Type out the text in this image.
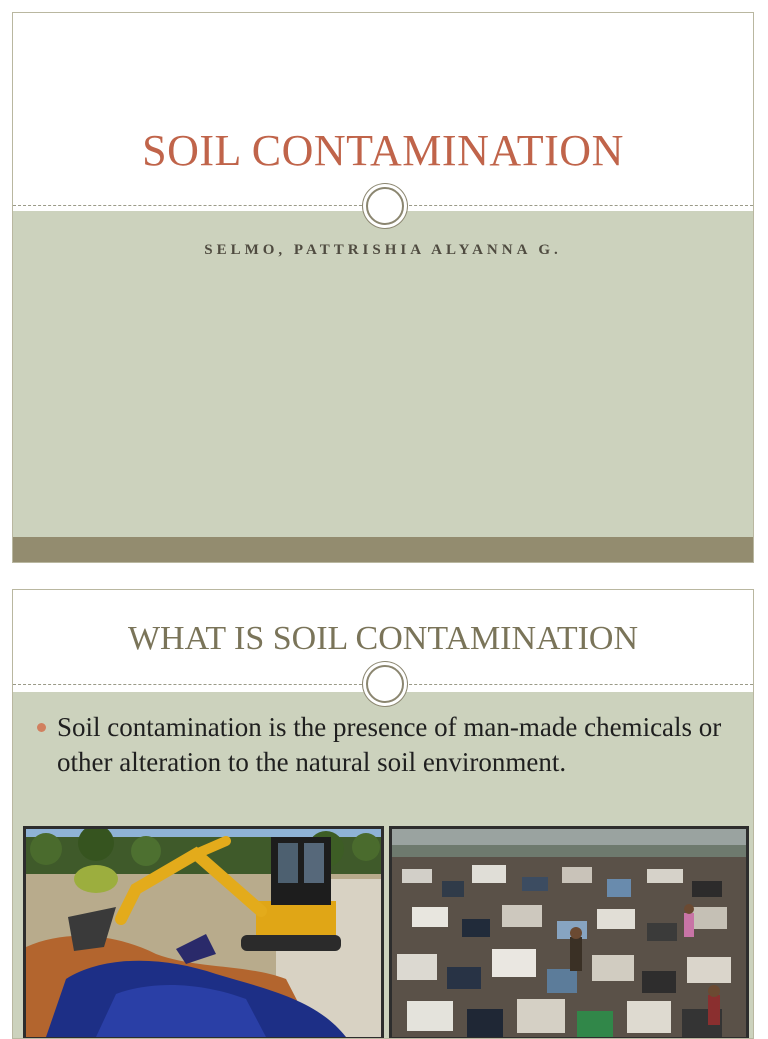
SOIL CONTAMINATION
SELMO, PATTRISHIA ALYANNA G.
WHAT IS SOIL CONTAMINATION
Soil contamination is the presence of man-made chemicals or other alteration to the natural soil environment.
